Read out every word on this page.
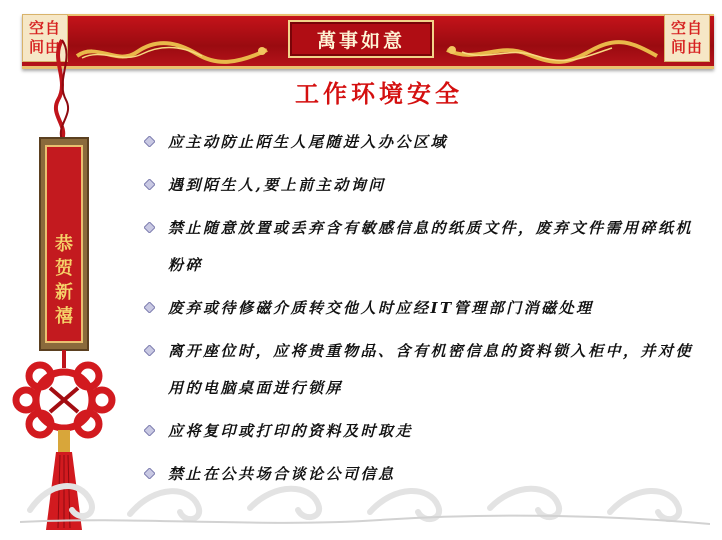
空自
间由
空自
间由
萬事如意
恭
贺
新
禧
工作环境安全
应主动防止陌生人尾随进入办公区域
遇到陌生人,要上前主动询问
禁止随意放置或丢弃含有敏感信息的纸质文件，废弃文件需用碎纸机粉碎
废弃或待修磁介质转交他人时应经IT管理部门消磁处理
离开座位时，应将贵重物品、含有机密信息的资料锁入柜中，并对使用的电脑桌面进行锁屏
应将复印或打印的资料及时取走
禁止在公共场合谈论公司信息
